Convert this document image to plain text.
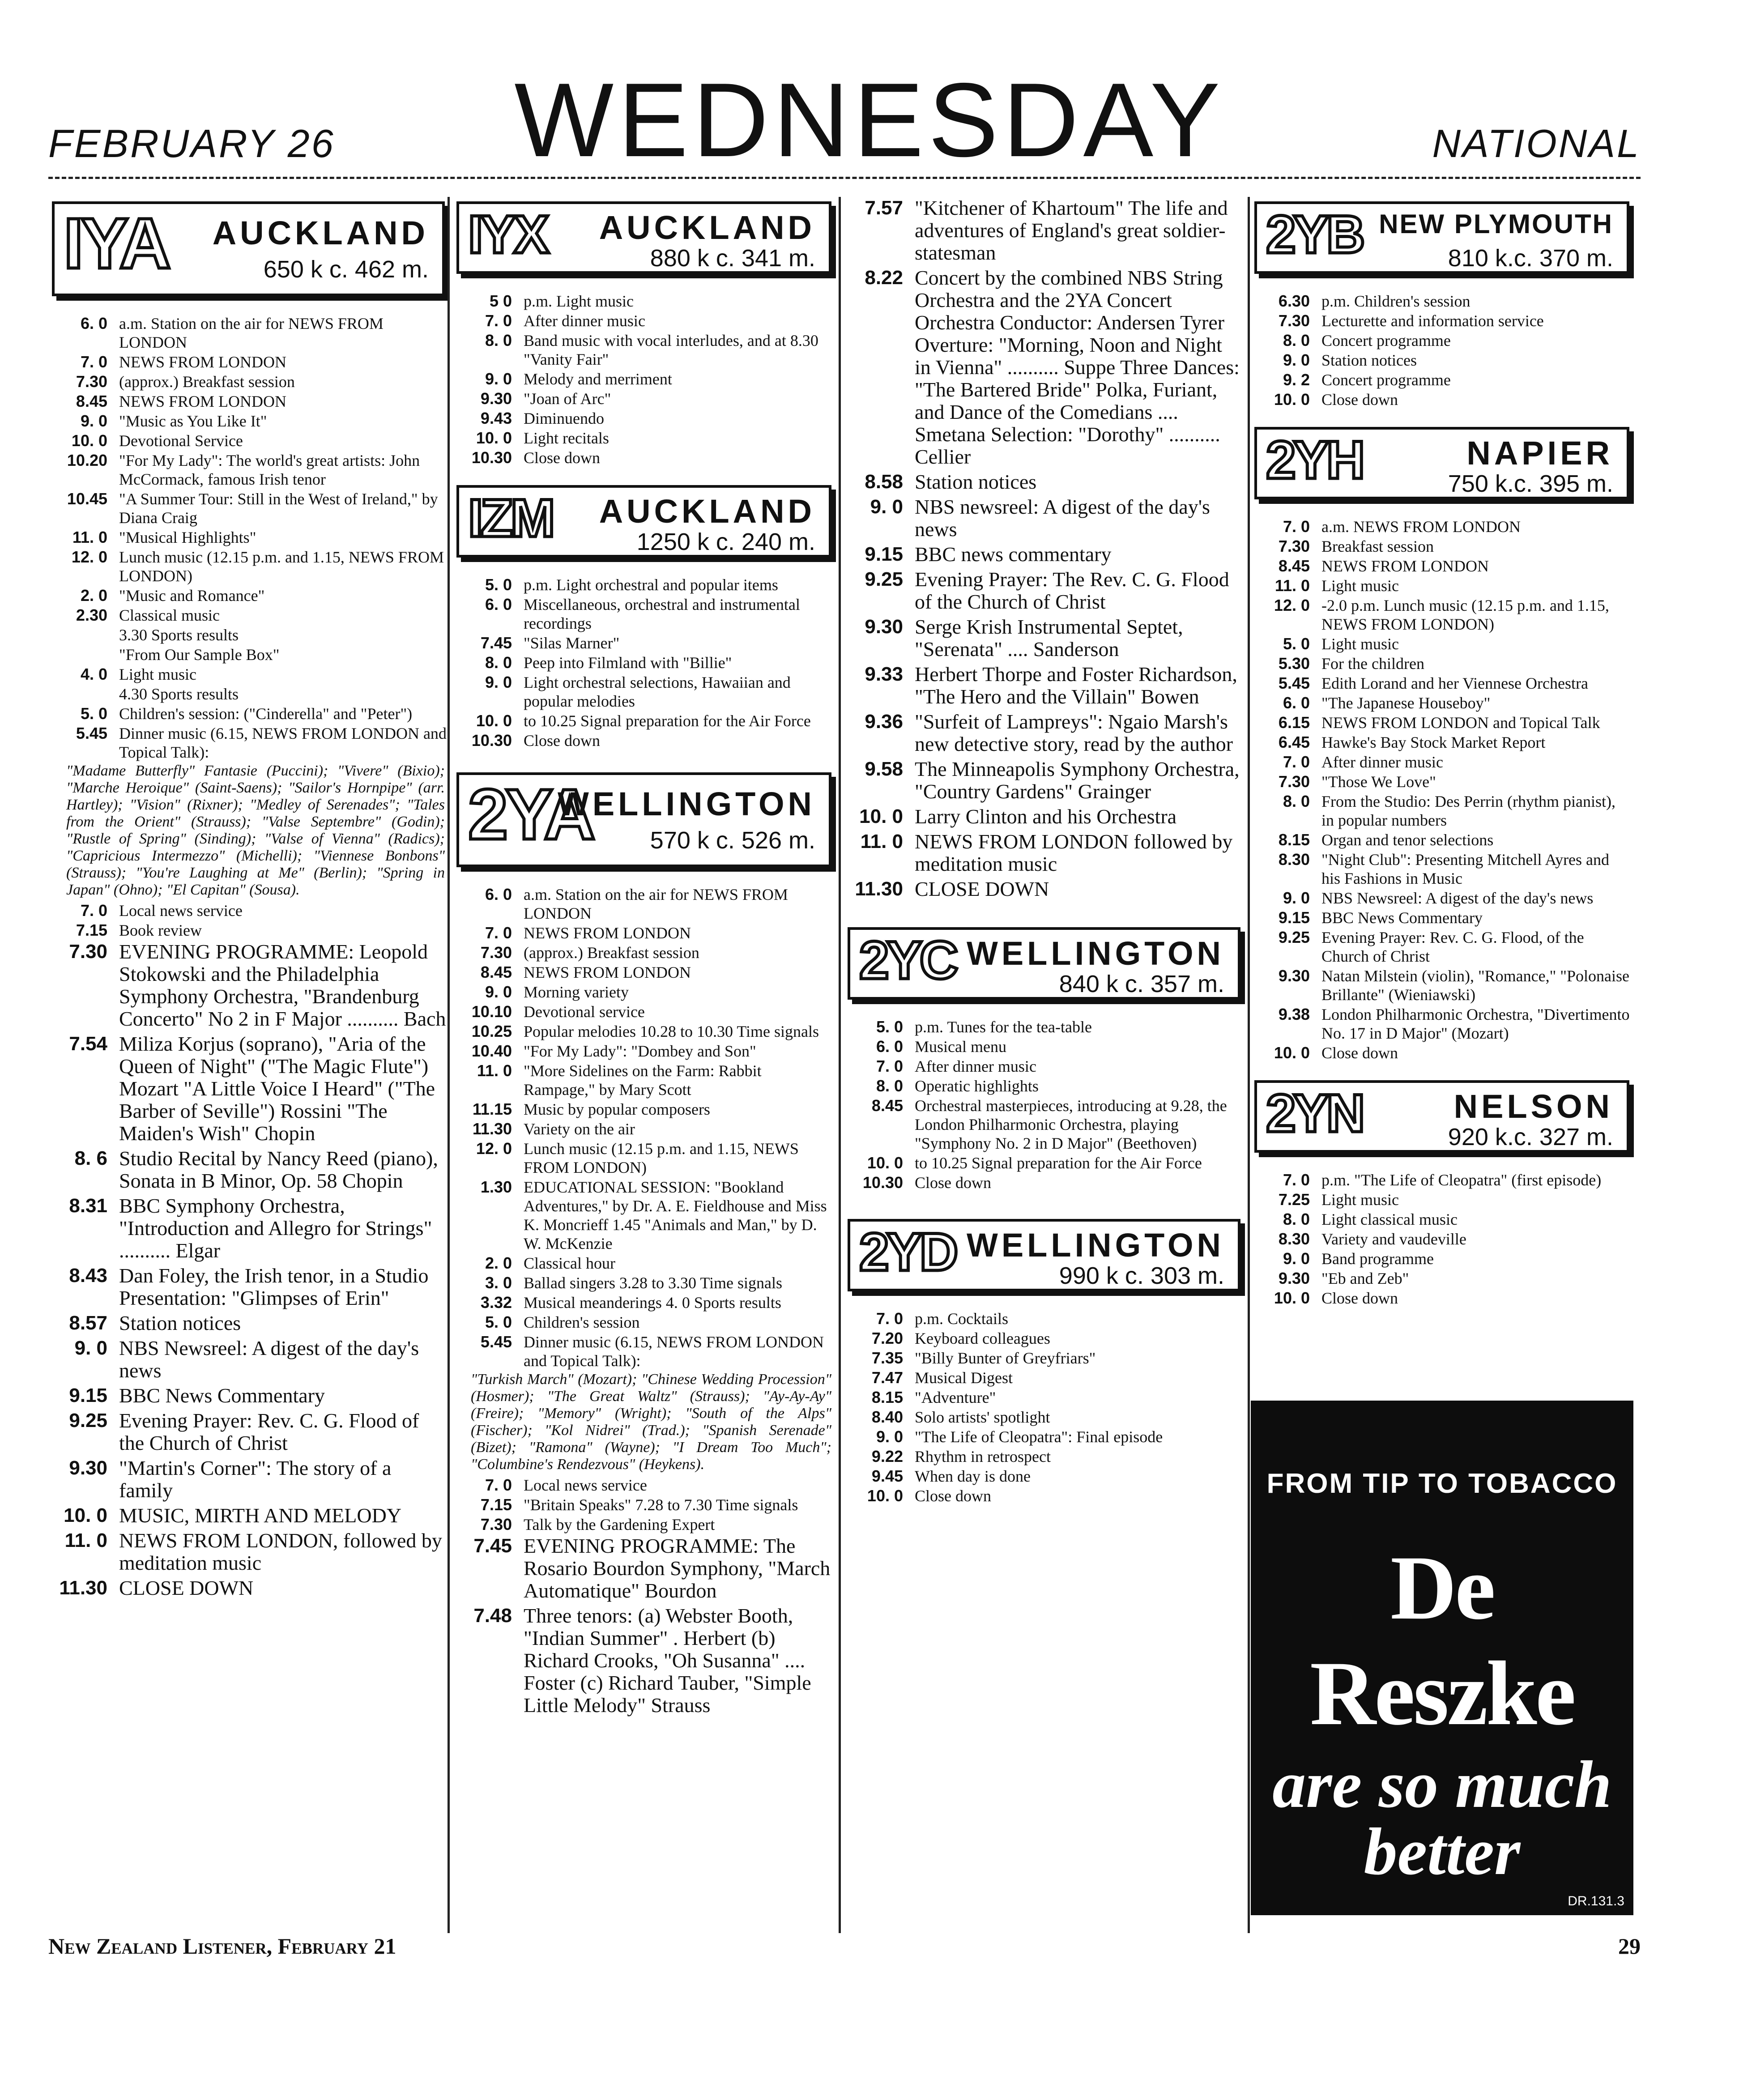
FEBRUARY 26	WEDNESDAY	NATIONAL
IYA AUCKLAND
650 k c. 462 m.
6. 0 a.m. Station on the air for NEWS FROM LONDON
7. 0 NEWS FROM LONDON
7.30 (approx.) Breakfast session
8.45 NEWS FROM LONDON
9. 0 "Music as You Like It"
10. 0 Devotional Service
10.20 "For My Lady": The world's great artists: John McCormack, famous Irish tenor
10.45 "A Summer Tour: Still in the West of Ireland," by Diana Craig
11. 0 "Musical Highlights"
12. 0 Lunch music (12.15 p.m. and 1.15, NEWS FROM LONDON)
2. 0 "Music and Romance"
2.30 Classical music
3.30 Sports results
"From Our Sample Box"
4. 0 Light music
4.30 Sports results
5. 0 Children's session: ("Cinderella" and "Peter")
5.45 Dinner music (6.15, NEWS FROM LONDON and Topical Talk):
"Madame Butterfly" Fantasie (Puccini); "Vivere" (Bixio); "Marche Heroique" (Saint-Saens); "Sailor's Hornpipe" (arr. Hartley); "Vision" (Rixner); "Medley of Serenades"; "Tales from the Orient" (Strauss); "Valse Septembre" (Godin); "Rustle of Spring" (Sinding); "Valse of Vienna" (Radics); "Capricious Intermezzo" (Michelli); "Viennese Bonbons" (Strauss); "You're Laughing at Me" (Berlin); "Spring in Japan" (Ohno); "El Capitan" (Sousa).
7. 0 Local news service
7.15 Book review
7.30 EVENING PROGRAMME: Leopold Stokowski and the Philadelphia Symphony Orchestra, "Brandenburg Concerto" No 2 in F Major .......... Bach
7.54 Miliza Korjus (soprano), "Aria of the Queen of Night" ("The Magic Flute") Mozart "A Little Voice I Heard" ("The Barber of Seville") Rossini "The Maiden's Wish" Chopin
8. 6 Studio Recital by Nancy Reed (piano), Sonata in B Minor, Op. 58 Chopin
8.31 BBC Symphony Orchestra, "Introduction and Allegro for Strings" .......... Elgar
8.43 Dan Foley, the Irish tenor, in a Studio Presentation: "Glimpses of Erin"
8.57 Station notices
9. 0 NBS Newsreel: A digest of the day's news
9.15 BBC News Commentary
9.25 Evening Prayer: Rev. C. G. Flood of the Church of Christ
9.30 "Martin's Corner": The story of a family
10. 0 MUSIC, MIRTH AND MELODY
11. 0 NEWS FROM LONDON, followed by meditation music
11.30 CLOSE DOWN
IYX AUCKLAND
880 k c. 341 m.
5 0 p.m. Light music
7. 0 After dinner music
8. 0 Band music with vocal interludes, and at 8.30 "Vanity Fair"
9. 0 Melody and merriment
9.30 "Joan of Arc"
9.43 Diminuendo
10. 0 Light recitals
10.30 Close down
IZM AUCKLAND
1250 k c. 240 m.
5. 0 p.m. Light orchestral and popular items
6. 0 Miscellaneous, orchestral and instrumental recordings
7.45 "Silas Marner"
8. 0 Peep into Filmland with "Billie"
9. 0 Light orchestral selections, Hawaiian and popular melodies
10. 0 to 10.25 Signal preparation for the Air Force
10.30 Close down
2YA
WELLINGTON
570 k c. 526 m.
6. 0 a.m. Station on the air for NEWS FROM LONDON
7. 0 NEWS FROM LONDON
7.30 (approx.) Breakfast session
8.45 NEWS FROM LONDON
9. 0 Morning variety
10.10 Devotional service
10.25 Popular melodies 10.28 to 10.30 Time signals
10.40 "For My Lady": "Dombey and Son"
11. 0 "More Sidelines on the Farm: Rabbit Rampage," by Mary Scott
11.15 Music by popular composers
11.30 Variety on the air
12. 0 Lunch music (12.15 p.m. and 1.15, NEWS FROM LONDON)
1.30 EDUCATIONAL SESSION: "Bookland Adventures," by Dr. A. E. Fieldhouse and Miss K. Moncrieff 1.45 "Animals and Man," by D. W. McKenzie
2. 0 Classical hour
3. 0 Ballad singers 3.28 to 3.30 Time signals
3.32 Musical meanderings 4. 0 Sports results
5. 0 Children's session
5.45 Dinner music (6.15, NEWS FROM LONDON and Topical Talk):
"Turkish March" (Mozart); "Chinese Wedding Procession" (Hosmer); "The Great Waltz" (Strauss); "Ay-Ay-Ay" (Freire); "Memory" (Wright); "South of the Alps" (Fischer); "Kol Nidrei" (Trad.); "Spanish Serenade" (Bizet); "Ramona" (Wayne); "I Dream Too Much"; "Columbine's Rendezvous" (Heykens).
7. 0 Local news service
7.15 "Britain Speaks" 7.28 to 7.30 Time signals
7.30 Talk by the Gardening Expert
7.45 EVENING PROGRAMME: The Rosario Bourdon Symphony, "March Automatique" Bourdon
7.48 Three tenors: (a) Webster Booth, "Indian Summer" . Herbert (b) Richard Crooks, "Oh Susanna" .... Foster (c) Richard Tauber, "Simple Little Melody" Strauss
7.57 "Kitchener of Khartoum" The life and adventures of England's great soldier-statesman
8.22 Concert by the combined NBS String Orchestra and the 2YA Concert Orchestra Conductor: Andersen Tyrer Overture: "Morning, Noon and Night in Vienna" .......... Suppe Three Dances: "The Bartered Bride" Polka, Furiant, and Dance of the Comedians .... Smetana Selection: "Dorothy" .......... Cellier
8.58 Station notices
9. 0 NBS newsreel: A digest of the day's news
9.15 BBC news commentary
9.25 Evening Prayer: The Rev. C. G. Flood of the Church of Christ
9.30 Serge Krish Instrumental Septet, "Serenata" .... Sanderson
9.33 Herbert Thorpe and Foster Richardson, "The Hero and the Villain" Bowen
9.36 "Surfeit of Lampreys": Ngaio Marsh's new detective story, read by the author
9.58 The Minneapolis Symphony Orchestra, "Country Gardens" Grainger
10. 0 Larry Clinton and his Orchestra
11. 0 NEWS FROM LONDON followed by meditation music
11.30 CLOSE DOWN
2YC WELLINGTON
840 k c. 357 m.
5. 0 p.m. Tunes for the tea-table
6. 0 Musical menu
7. 0 After dinner music
8. 0 Operatic highlights
8.45 Orchestral masterpieces, introducing at 9.28, the London Philharmonic Orchestra, playing "Symphony No. 2 in D Major" (Beethoven)
10. 0 to 10.25 Signal preparation for the Air Force
10.30 Close down
2YD WELLINGTON
990 k c. 303 m.
7. 0 p.m. Cocktails
7.20 Keyboard colleagues
7.35 "Billy Bunter of Greyfriars"
7.47 Musical Digest
8.15 "Adventure"
8.40 Solo artists' spotlight
9. 0 "The Life of Cleopatra": Final episode
9.22 Rhythm in retrospect
9.45 When day is done
10. 0 Close down
2YB NEW PLYMOUTH
810 k.c. 370 m.
6.30 p.m. Children's session
7.30 Lecturette and information service
8. 0 Concert programme
9. 0 Station notices
9. 2 Concert programme
10. 0 Close down
2YH	NAPIER
750 k.c. 395 m.
7. 0 a.m. NEWS FROM LONDON
7.30 Breakfast session
8.45 NEWS FROM LONDON
11. 0 Light music
12. 0 -2.0 p.m. Lunch music (12.15 p.m. and 1.15, NEWS FROM LONDON)
5. 0 Light music
5.30 For the children
5.45 Edith Lorand and her Viennese Orchestra
6. 0 "The Japanese Houseboy"
6.15 NEWS FROM LONDON and Topical Talk
6.45 Hawke's Bay Stock Market Report
7. 0 After dinner music
7.30 "Those We Love"
8. 0 From the Studio: Des Perrin (rhythm pianist), in popular numbers
8.15 Organ and tenor selections
8.30 "Night Club": Presenting Mitchell Ayres and his Fashions in Music
9. 0 NBS Newsreel: A digest of the day's news
9.15 BBC News Commentary
9.25 Evening Prayer: Rev. C. G. Flood, of the Church of Christ
9.30 Natan Milstein (violin), "Romance," "Polonaise Brillante" (Wieniawski)
9.38 London Philharmonic Orchestra, "Divertimento No. 17 in D Major" (Mozart)
10. 0 Close down
2YN	NELSON
920 k.c. 327 m.
7. 0 p.m. "The Life of Cleopatra" (first episode)
7.25 Light music
8. 0 Light classical music
8.30 Variety and vaudeville
9. 0 Band programme
9.30 "Eb and Zeb"
10. 0 Close down
FROM TIP TO TOBACCO
De Reszke
are so much better
DR.131.3
New Zealand Listener, February 21	29
